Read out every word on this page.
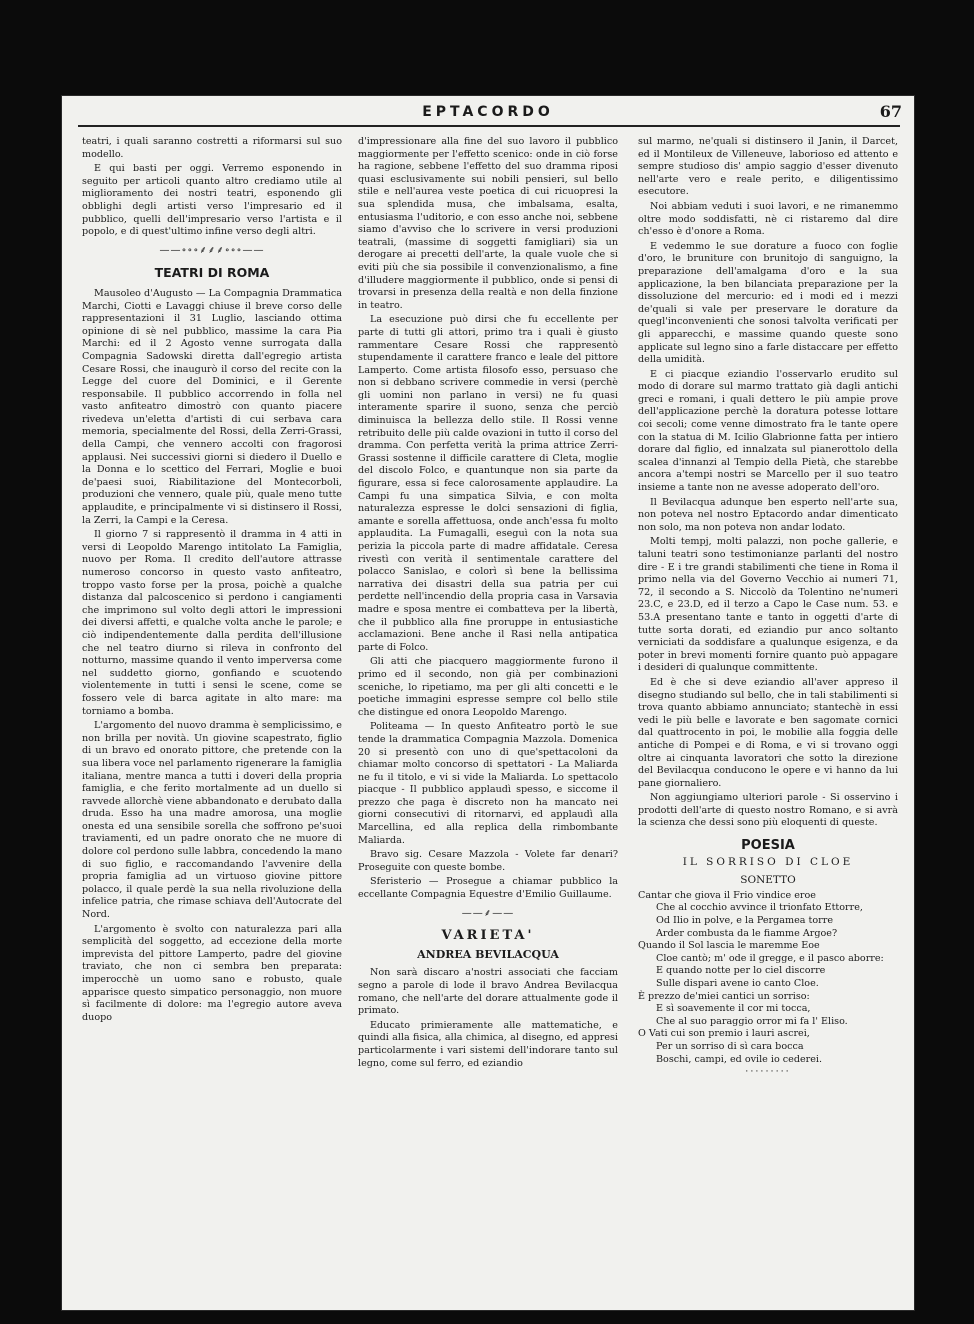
EPTACORDO	67

teatri, i quali saranno costretti a riformarsi sul suo modello.

E qui basti per oggi. Verremo esponendo in seguito per articoli quanto altro crediamo utile al miglioramento dei nostri teatri, esponendo gli obblighi degli artisti verso l'impresario ed il pubblico, quelli dell'impresario verso l'artista e il popolo, e di quest'ultimo infine verso degli altri.

——∘∘∘⸙⸙⸙∘∘∘——
TEATRI DI ROMA

Mausoleo d'Augusto — La Compagnia Drammatica Marchi, Ciotti e Lavaggi chiuse il breve corso delle rappresentazioni il 31 Luglio, lasciando ottima opinione di sè nel pubblico, massime la cara Pia Marchi: ed il 2 Agosto venne surrogata dalla Compagnia Sadowski diretta dall'egregio artista Cesare Rossi, che inaugurò il corso del recite con la Legge del cuore del Dominici, e il Gerente responsabile. Il pubblico accorrendo in folla nel vasto anfiteatro dimostrò con quanto piacere rivedeva un'eletta d'artisti di cui serbava cara memoria, specialmente del Rossi, della Zerri-Grassi, della Campi, che vennero accolti con fragorosi applausi. Nei successivi giorni si diedero il Duello e la Donna e lo scettico del Ferrari, Moglie e buoi de'paesi suoi, Riabilitazione del Montecorboli, produzioni che vennero, quale più, quale meno tutte applaudite, e principalmente vi si distinsero il Rossi, la Zerri, la Campi e la Ceresa.

Il giorno 7 si rappresentò il dramma in 4 atti in versi di Leopoldo Marengo intitolato La Famiglia, nuovo per Roma. Il credito dell'autore attrasse numeroso concorso in questo vasto anfiteatro, troppo vasto forse per la prosa, poichè a qualche distanza dal palcoscenico si perdono i cangiamenti che imprimono sul volto degli attori le impressioni dei diversi affetti, e qualche volta anche le parole; e ciò indipendentemente dalla perdita dell'illusione che nel teatro diurno si rileva in confronto del notturno, massime quando il vento imperversa come nel suddetto giorno, gonfiando e scuotendo violentemente in tutti i sensi le scene, come se fossero vele di barca agitate in alto mare: ma torniamo a bomba.

L'argomento del nuovo dramma è semplicissimo, e non brilla per novità. Un giovine scapestrato, figlio di un bravo ed onorato pittore, che pretende con la sua libera voce nel parlamento rigenerare la famiglia italiana, mentre manca a tutti i doveri della propria famiglia, e che ferito mortalmente ad un duello si ravvede allorchè viene abbandonato e derubato dalla druda. Esso ha una madre amorosa, una moglie onesta ed una sensibile sorella che soffrono pe'suoi traviamenti, ed un padre onorato che ne muore di dolore col perdono sulle labbra, concedendo la mano di suo figlio, e raccomandando l'avvenire della propria famiglia ad un virtuoso giovine pittore polacco, il quale perdè la sua nella rivoluzione della infelice patria, che rimase schiava dell'Autocrate del Nord.

L'argomento è svolto con naturalezza pari alla semplicità del soggetto, ad eccezione della morte imprevista del pittore Lamperto, padre del giovine traviato, che non ci sembra ben preparata: imperocchè un uomo sano e robusto, quale apparisce questo simpatico personaggio, non muore sì facilmente di dolore: ma l'egregio autore aveva duopo

d'impressionare alla fine del suo lavoro il pubblico maggiormente per l'effetto scenico: onde in ciò forse ha ragione, sebbene l'effetto del suo dramma riposi quasi esclusivamente sui nobili pensieri, sul bello stile e nell'aurea veste poetica di cui ricuopresi la sua splendida musa, che imbalsama, esalta, entusiasma l'uditorio, e con esso anche noi, sebbene siamo d'avviso che lo scrivere in versi produzioni teatrali, (massime di soggetti famigliari) sia un derogare ai precetti dell'arte, la quale vuole che si eviti più che sia possibile il convenzionalismo, a fine d'illudere maggiormente il pubblico, onde si pensi di trovarsi in presenza della realtà e non della finzione in teatro.

La esecuzione può dirsi che fu eccellente per parte di tutti gli attori, primo tra i quali è giusto rammentare Cesare Rossi che rappresentò stupendamente il carattere franco e leale del pittore Lamperto. Come artista filosofo esso, persuaso che non si debbano scrivere commedie in versi (perchè gli uomini non parlano in versi) ne fu quasi interamente sparire il suono, senza che perciò diminuisca la bellezza dello stile. Il Rossi venne retribuito delle più calde ovazioni in tutto il corso del dramma. Con perfetta verità la prima attrice Zerri-Grassi sostenne il difficile carattere di Cleta, moglie del discolo Folco, e quantunque non sia parte da figurare, essa si fece calorosamente applaudire. La Campi fu una simpatica Silvia, e con molta naturalezza espresse le dolci sensazioni di figlia, amante e sorella affettuosa, onde anch'essa fu molto applaudita. La Fumagalli, eseguì con la nota sua perizia la piccola parte di madre affidatale. Ceresa rivestì con verità il sentimentale carattere del polacco Sanislao, e colorì sì bene la bellissima narrativa dei disastri della sua patria per cui perdette nell'incendio della propria casa in Varsavia madre e sposa mentre ei combatteva per la libertà, che il pubblico alla fine proruppe in entusiastiche acclamazioni. Bene anche il Rasi nella antipatica parte di Folco.

Gli atti che piacquero maggiormente furono il primo ed il secondo, non già per combinazioni sceniche, lo ripetiamo, ma per gli alti concetti e le poetiche immagini espresse sempre col bello stile che distingue ed onora Leopoldo Marengo.

Politeama — In questo Anfiteatro portò le sue tende la drammatica Compagnia Mazzola. Domenica 20 si presentò con uno di que'spettacoloni da chiamar molto concorso di spettatori - La Maliarda ne fu il titolo, e vi si vide la Maliarda. Lo spettacolo piacque - Il pubblico applaudì spesso, e siccome il prezzo che paga è discreto non ha mancato nei giorni consecutivi di ritornarvi, ed applaudì alla Marcellina, ed alla replica della rimbombante Maliarda.

Bravo sig. Cesare Mazzola - Volete far denari? Proseguite con queste bombe.

Sferisterio — Prosegue a chiamar pubblico la eccellante Compagnia Equestre d'Emilio Guillaume.

——⸙——
VARIETA'
ANDREA BEVILACQUA

Non sarà discaro a'nostri associati che facciam segno a parole di lode il bravo Andrea Bevilacqua romano, che nell'arte del dorare attualmente gode il primato.

Educato primieramente alle mattematiche, e quindi alla fisica, alla chimica, al disegno, ed appresi particolarmente i vari sistemi dell'indorare tanto sul legno, come sul ferro, ed eziandio

sul marmo, ne'quali si distinsero il Janin, il Darcet, ed il Montileux de Villeneuve, laborioso ed attento e sempre studioso dis' ampio saggio d'esser divenuto nell'arte vero e reale perito, e diligentissimo esecutore.

Noi abbiam veduti i suoi lavori, e ne rimanemmo oltre modo soddisfatti, nè ci ristaremo dal dire ch'esso è d'onore a Roma.

E vedemmo le sue dorature a fuoco con foglie d'oro, le bruniture con brunitojo di sanguigno, la preparazione dell'amalgama d'oro e la sua applicazione, la ben bilanciata preparazione per la dissoluzione del mercurio: ed i modi ed i mezzi de'quali si vale per preservare le dorature da quegl'inconvenienti che sonosi talvolta verificati per gli apparecchi, e massime quando queste sono applicate sul legno sino a farle distaccare per effetto della umidità.

E ci piacque eziandio l'osservarlo erudito sul modo di dorare sul marmo trattato già dagli antichi greci e romani, i quali dettero le più ampie prove dell'applicazione perchè la doratura potesse lottare coi secoli; come venne dimostrato fra le tante opere con la statua di M. Icilio Glabrionne fatta per intiero dorare dal figlio, ed innalzata sul pianerottolo della scalea d'innanzi al Tempio della Pietà, che starebbe ancora a'tempi nostri se Marcello per il suo teatro insieme a tante non ne avesse adoperato dell'oro.

Il Bevilacqua adunque ben esperto nell'arte sua, non poteva nel nostro Eptacordo andar dimenticato non solo, ma non poteva non andar lodato.

Molti tempj, molti palazzi, non poche gallerie, e taluni teatri sono testimonianze parlanti del nostro dire - E i tre grandi stabilimenti che tiene in Roma il primo nella via del Governo Vecchio ai numeri 71, 72, il secondo a S. Niccolò da Tolentino ne'numeri 23.C, e 23.D, ed il terzo a Capo le Case num. 53. e 53.A presentano tante e tanto in oggetti d'arte di tutte sorta dorati, ed eziandio pur anco soltanto verniciati da soddisfare a qualunque esigenza, e da poter in brevi momenti fornire quanto può appagare i desideri di qualunque committente.

Ed è che si deve eziandio all'aver appreso il disegno studiando sul bello, che in tali stabilimenti si trova quanto abbiamo annunciato; stantechè in essi vedi le più belle e lavorate e ben sagomate cornici dal quattrocento in poi, le mobilie alla foggia delle antiche di Pompei e di Roma, e vi si trovano oggi oltre ai cinquanta lavoratori che sotto la direzione del Bevilacqua conducono le opere e vi hanno da lui pane giornaliero.

Non aggiungiamo ulteriori parole - Si osservino i prodotti dell'arte di questo nostro Romano, e si avrà la scienza che dessi sono più eloquenti di queste.

POESIA
IL SORRISO DI CLOE
SONETTO
Cantar che giova il Frio vindice eroe
Che al cocchio avvince il trionfato Ettorre,
Od Ilio in polve, e la Pergamea torre
Arder combusta da le fiamme Argoe?
Quando il Sol lascia le maremme Eoe
Cloe cantò; m' ode il gregge, e il pasco aborre:
E quando notte per lo ciel discorre
Sulle dispari avene io canto Cloe.
È prezzo de'miei cantici un sorriso:
E sì soavemente il cor mi tocca,
Che al suo paraggio orror mi fa l' Eliso.
O Vati cui son premio i lauri ascrei,
Per un sorriso di sì cara bocca
Boschi, campi, ed ovile io cederei.
·········
